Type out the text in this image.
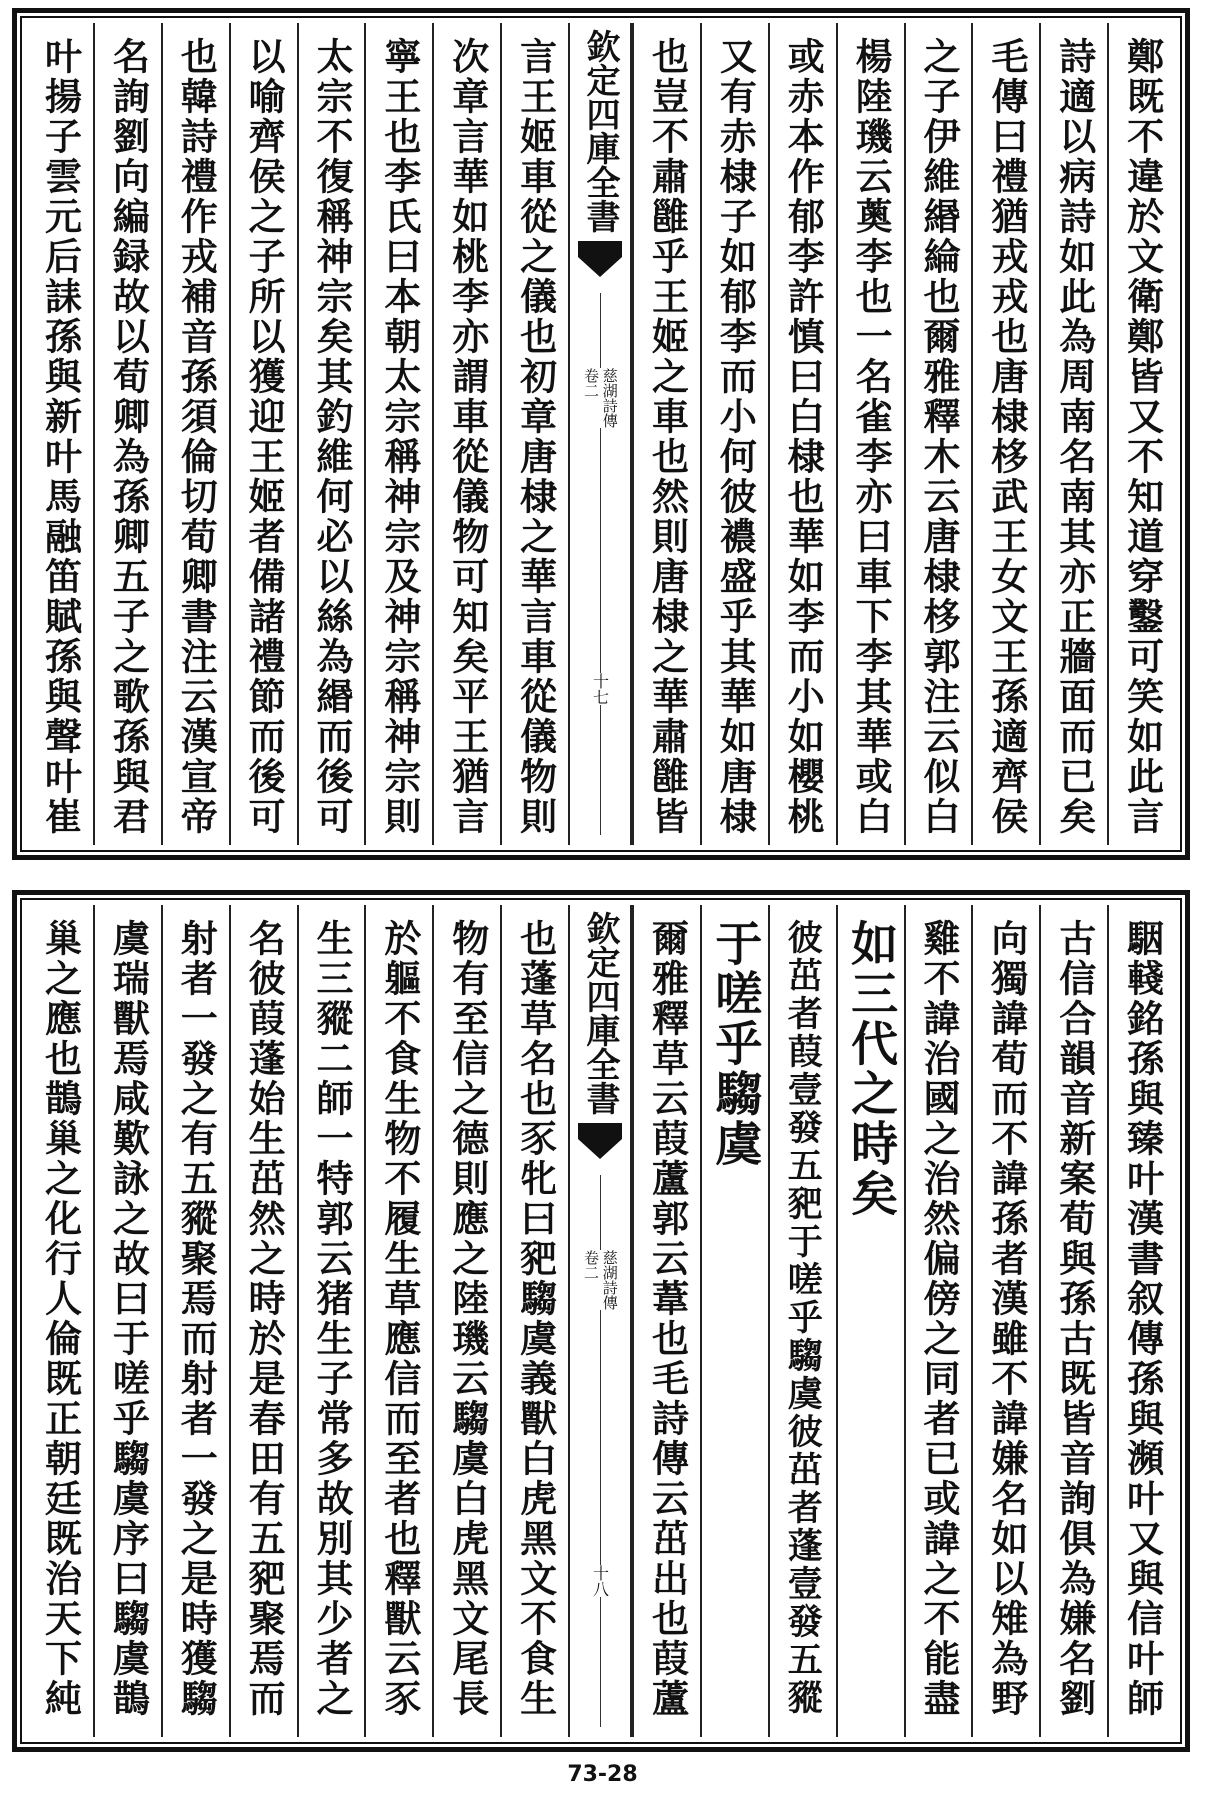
鄭既不違於文衛鄭皆又不知道穿鑿可笑如此言
詩適以病詩如此為周南名南其亦正牆面而已矣
毛傳曰禮猶戎戎也唐棣栘武王女文王孫適齊侯
之子伊維緡綸也爾雅釋木云唐棣栘郭注云似白
楊陸璣云薁李也一名雀李亦曰車下李其華或白
或赤本作郁李許慎曰白棣也華如李而小如櫻桃
又有赤棣子如郁李而小何彼襛盛乎其華如唐棣
也豈不肅雝乎王姬之車也然則唐棣之華肅雝皆
欽定四庫全書
慈湖詩傳
卷二
十七
言王姬車從之儀也初章唐棣之華言車從儀物則
次章言華如桃李亦謂車從儀物可知矣平王猶言
寧王也李氏曰本朝太宗稱神宗及神宗稱神宗則
太宗不復稱神宗矣其釣維何必以絲為緡而後可
以喻齊侯之子所以獲迎王姬者備諸禮節而後可
也韓詩禮作戎補音孫須倫切荀卿書注云漢宣帝
名詢劉向編録故以荀卿為孫卿五子之歌孫與君
叶揚子雲元后誄孫與新叶馬融笛賦孫與聲叶崔
駰輚銘孫與臻叶漢書叙傳孫與瀕叶又與信叶師
古信合韻音新案荀與孫古既皆音詢俱為嫌名劉
向獨諱荀而不諱孫者漢雖不諱嫌名如以雉為野
雞不諱治國之治然偏傍之同者已或諱之不能盡
如三代之時矣
彼茁者葭壹發五豝于嗟乎騶虞彼茁者蓬壹發五豵
于嗟乎騶虞
爾雅釋草云葭蘆郭云葦也毛詩傳云茁出也葭蘆
欽定四庫全書
慈湖詩傳
卷二
十八
也蓬草名也豕牝曰豝騶虞義獸白虎黑文不食生
物有至信之德則應之陸璣云騶虞白虎黑文尾長
於軀不食生物不履生草應信而至者也釋獸云豕
生三豵二師一特郭云猪生子常多故別其少者之
名彼葭蓬始生茁然之時於是春田有五豝聚焉而
射者一發之有五豵聚焉而射者一發之是時獲騶
虞瑞獸焉咸歎詠之故曰于嗟乎騶虞序曰騶虞鵲
巢之應也鵲巢之化行人倫既正朝廷既治天下純
73-28
